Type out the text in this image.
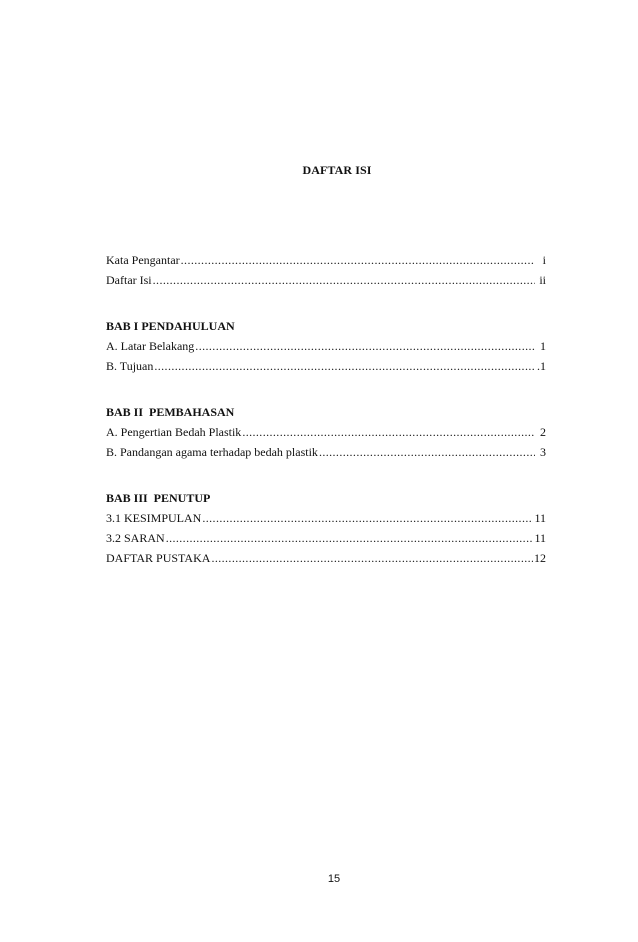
DAFTAR ISI
Kata Pengantar .....	i
Daftar Isi .....	ii
BAB I PENDAHULUAN
A. Latar Belakang .....	1
B. Tujuan .....	.1
BAB II  PEMBAHASAN
A. Pengertian Bedah Plastik .....	2
B. Pandangan agama terhadap bedah plastik .....	3
BAB III  PENUTUP
3.1 KESIMPULAN .....	11
3.2 SARAN .....	11
DAFTAR PUSTAKA .....	12
15
